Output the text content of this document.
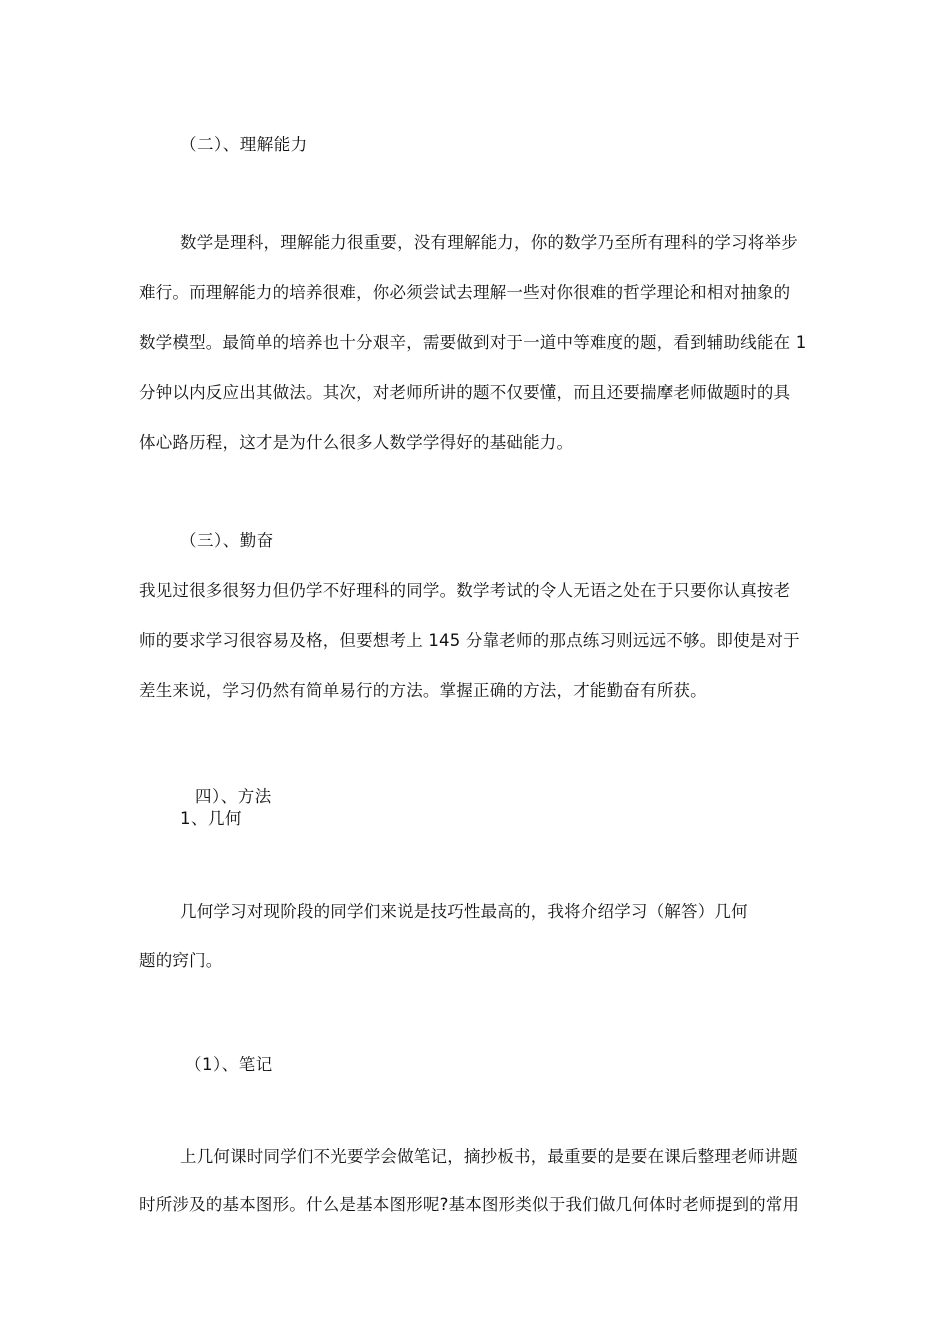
（二）、理解能力
数学是理科，理解能力很重要，没有理解能力，你的数学乃至所有理科的学习将举步
难行。而理解能力的培养很难，你必须尝试去理解一些对你很难的哲学理论和相对抽象的
数学模型。最简单的培养也十分艰辛，需要做到对于一道中等难度的题，看到辅助线能在 1
分钟以内反应出其做法。其次，对老师所讲的题不仅要懂，而且还要揣摩老师做题时的具
体心路历程，这才是为什么很多人数学学得好的基础能力。
（三）、勤奋
我见过很多很努力但仍学不好理科的同学。数学考试的令人无语之处在于只要你认真按老
师的要求学习很容易及格，但要想考上 145 分靠老师的那点练习则远远不够。即使是对于
差生来说，学习仍然有简单易行的方法。掌握正确的方法，才能勤奋有所获。
四）、方法
1、几何
几何学习对现阶段的同学们来说是技巧性最高的，我将介绍学习（解答）几何
题的窍门。
（1）、笔记
上几何课时同学们不光要学会做笔记，摘抄板书，最重要的是要在课后整理老师讲题
时所涉及的基本图形。什么是基本图形呢?基本图形类似于我们做几何体时老师提到的常用
